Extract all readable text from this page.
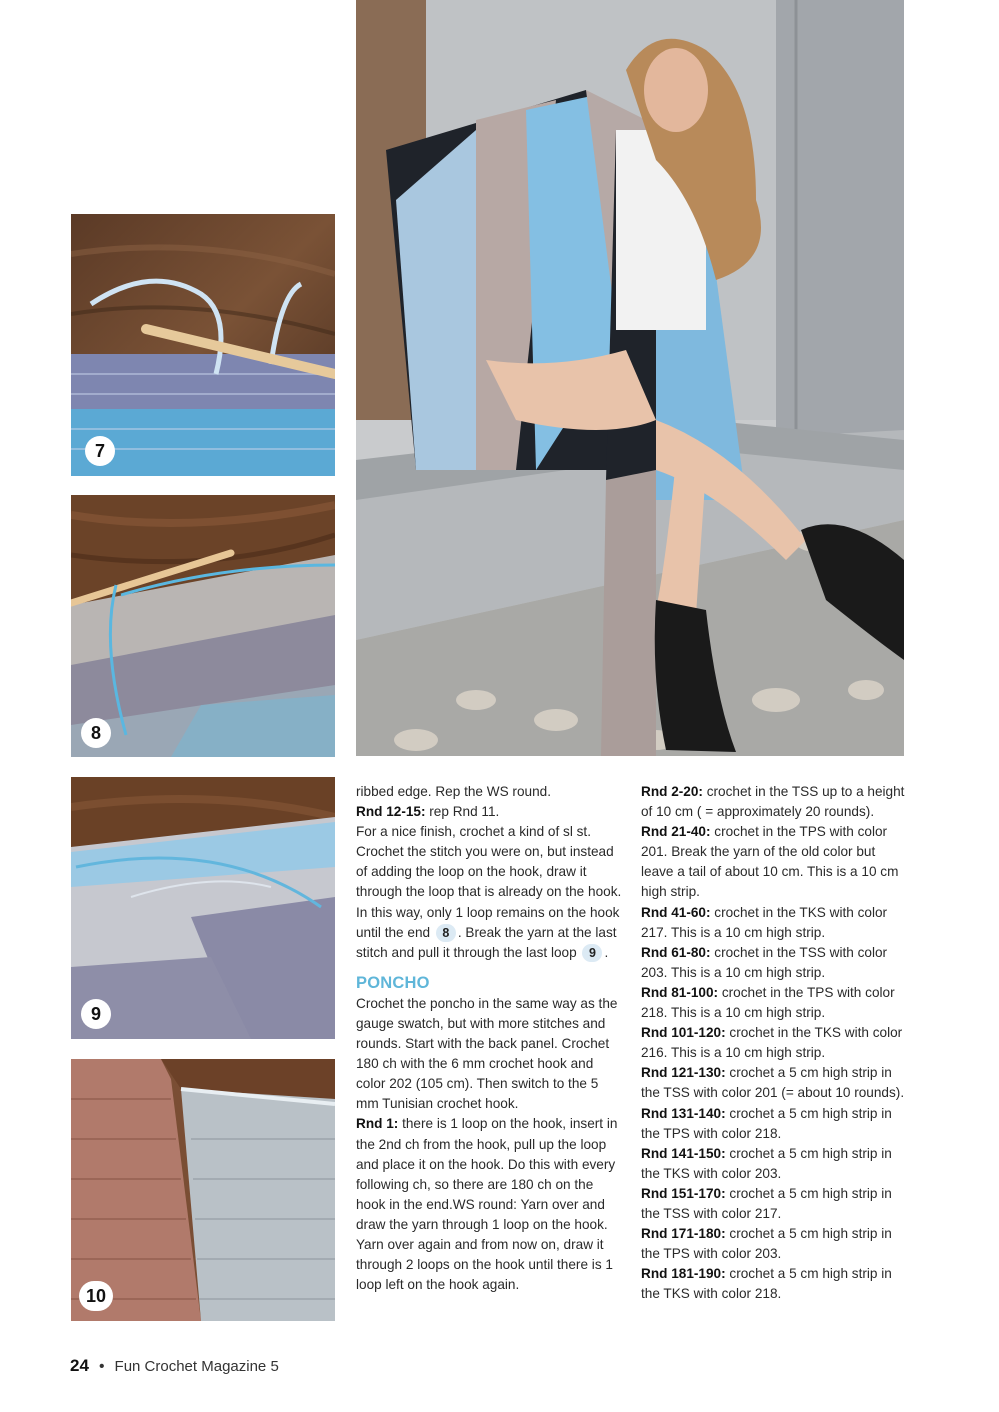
7
8
9
10

ribbed edge. Rep the WS round.

Rnd 12-15: rep Rnd 11.

For a nice finish, crochet a kind of sl st. Crochet the stitch you were on, but instead of adding the loop on the hook, draw it through the loop that is already on the hook. In this way, only 1 loop remains on the hook until the end 8 . Break the yarn at the last stitch and pull it through the last loop 9 .

PONCHO

Crochet the poncho in the same way as the gauge swatch, but with more stitches and rounds. Start with the back panel. Crochet 180 ch with the 6 mm crochet hook and color 202 (105 cm). Then switch to the 5 mm Tunisian crochet hook.

Rnd 1: there is 1 loop on the hook, insert in the 2nd ch from the hook, pull up the loop and place it on the hook. Do this with every following ch, so there are 180 ch on the hook in the end.WS round: Yarn over and draw the yarn through 1 loop on the hook. Yarn over again and from now on, draw it through 2 loops on the hook until there is 1 loop left on the hook again.

Rnd 2-20: crochet in the TSS up to a height of 10 cm ( = approximately 20 rounds).

Rnd 21-40: crochet in the TPS with color 201. Break the yarn of the old color but leave a tail of about 10 cm. This is a 10 cm high strip.

Rnd 41-60: crochet in the TKS with color 217. This is a 10 cm high strip.

Rnd 61-80: crochet in the TSS with color 203. This is a 10 cm high strip.

Rnd 81-100: crochet in the TPS with color 218. This is a 10 cm high strip.

Rnd 101-120: crochet in the TKS with color 216. This is a 10 cm high strip.

Rnd 121-130: crochet a 5 cm high strip in the TSS with color 201 (= about 10 rounds).

Rnd 131-140: crochet a 5 cm high strip in the TPS with color 218.

Rnd 141-150: crochet a 5 cm high strip in the TKS with color 203.

Rnd 151-170: crochet a 5 cm high strip in the TSS with color 217.

Rnd 171-180: crochet a 5 cm high strip in the TPS with color 203.

Rnd 181-190: crochet a 5 cm high strip in the TKS with color 218.

24 • Fun Crochet Magazine 5
